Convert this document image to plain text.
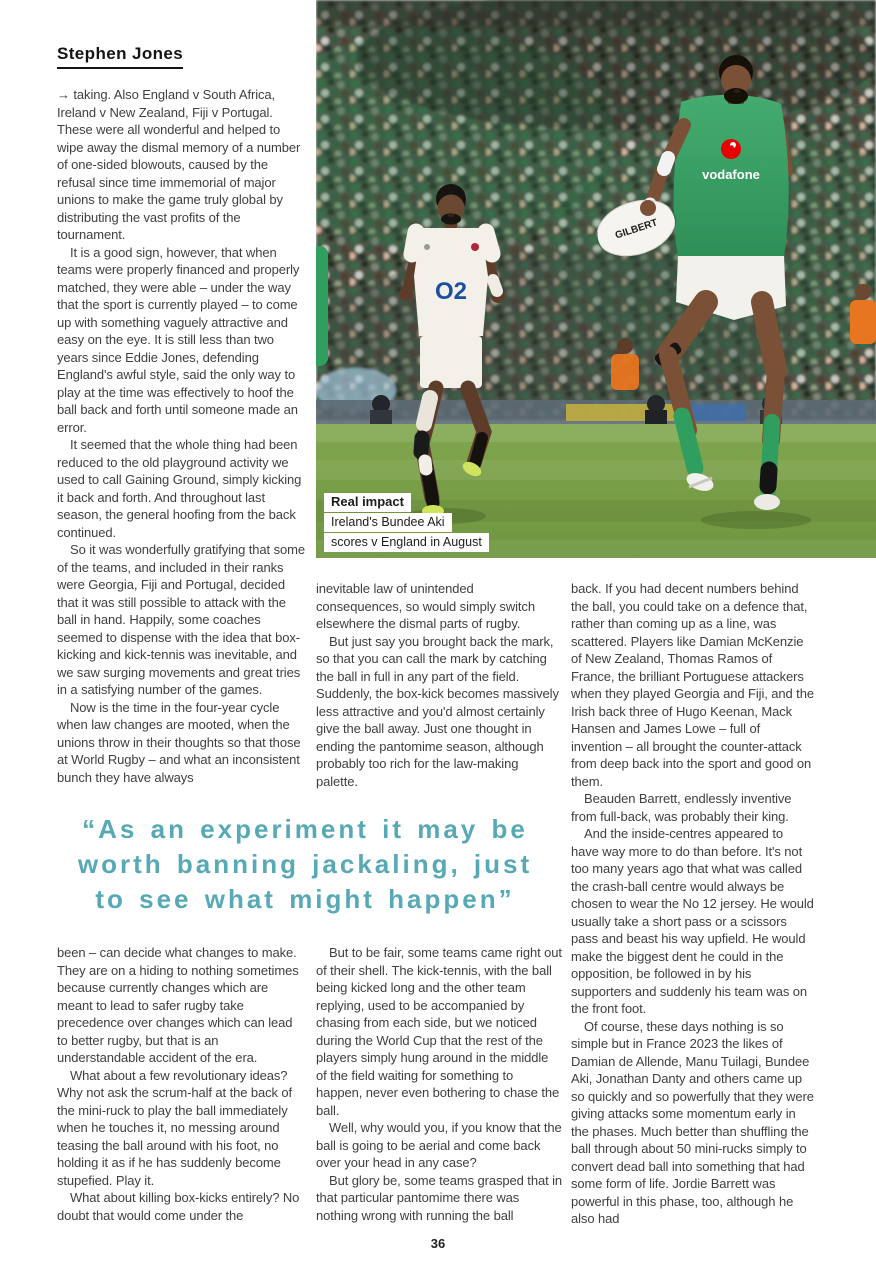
Stephen Jones
O2
vodafone
GILBERT
Real impact
Ireland's Bundee Aki
scores v England in August

→ taking. Also England v South Africa, Ireland v New Zealand, Fiji v Portugal. These were all wonderful and helped to wipe away the dismal memory of a number of one-sided blowouts, caused by the refusal since time immemorial of major unions to make the game truly global by distributing the vast profits of the tournament.

It is a good sign, however, that when teams were properly financed and properly matched, they were able – under the way that the sport is currently played – to come up with something vaguely attractive and easy on the eye. It is still less than two years since Eddie Jones, defending England's awful style, said the only way to play at the time was effectively to hoof the ball back and forth until someone made an error.

It seemed that the whole thing had been reduced to the old playground activity we used to call Gaining Ground, simply kicking it back and forth. And throughout last season, the general hoofing from the back continued.

So it was wonderfully gratifying that some of the teams, and included in their ranks were Georgia, Fiji and Portugal, decided that it was still possible to attack with the ball in hand. Happily, some coaches seemed to dispense with the idea that box-kicking and kick-tennis was inevitable, and we saw surging movements and great tries in a satisfying number of the games.

Now is the time in the four-year cycle when law changes are mooted, when the unions throw in their thoughts so that those at World Rugby – and what an inconsistent bunch they have always

inevitable law of unintended consequences, so would simply switch elsewhere the dismal parts of rugby.

But just say you brought back the mark, so that you can call the mark by catching the ball in full in any part of the field. Suddenly, the box-kick becomes massively less attractive and you'd almost certainly give the ball away. Just one thought in ending the pantomime season, although probably too rich for the law-making palette.

back. If you had decent numbers behind the ball, you could take on a defence that, rather than coming up as a line, was scattered. Players like Damian McKenzie of New Zealand, Thomas Ramos of France, the brilliant Portuguese attackers when they played Georgia and Fiji, and the Irish back three of Hugo Keenan, Mack Hansen and James Lowe – full of invention – all brought the counter-attack from deep back into the sport and good on them.

Beauden Barrett, endlessly inventive from full-back, was probably their king.

And the inside-centres appeared to have way more to do than before. It's not too many years ago that what was called the crash-ball centre would always be chosen to wear the No 12 jersey. He would usually take a short pass or a scissors pass and beast his way upfield. He would make the biggest dent he could in the opposition, be followed in by his supporters and suddenly his team was on the front foot.

Of course, these days nothing is so simple but in France 2023 the likes of Damian de Allende, Manu Tuilagi, Bundee Aki, Jonathan Danty and others came up so quickly and so powerfully that they were giving attacks some momentum early in the phases. Much better than shuffling the ball through about 50 mini-rucks simply to convert dead ball into something that had some form of life. Jordie Barrett was powerful in this phase, too, although he also had

“As an experiment it may be
worth banning jackaling, just
to see what might happen”

been – can decide what changes to make. They are on a hiding to nothing sometimes because currently changes which are meant to lead to safer rugby take precedence over changes which can lead to better rugby, but that is an understandable accident of the era.

What about a few revolutionary ideas? Why not ask the scrum-half at the back of the mini-ruck to play the ball immediately when he touches it, no messing around teasing the ball around with his foot, no holding it as if he has suddenly become stupefied. Play it.

What about killing box-kicks entirely? No doubt that would come under the

But to be fair, some teams came right out of their shell. The kick-tennis, with the ball being kicked long and the other team replying, used to be accompanied by chasing from each side, but we noticed during the World Cup that the rest of the players simply hung around in the middle of the field waiting for something to happen, never even bothering to chase the ball.

Well, why would you, if you know that the ball is going to be aerial and come back over your head in any case?

But glory be, some teams grasped that in that particular pantomime there was nothing wrong with running the ball

36
